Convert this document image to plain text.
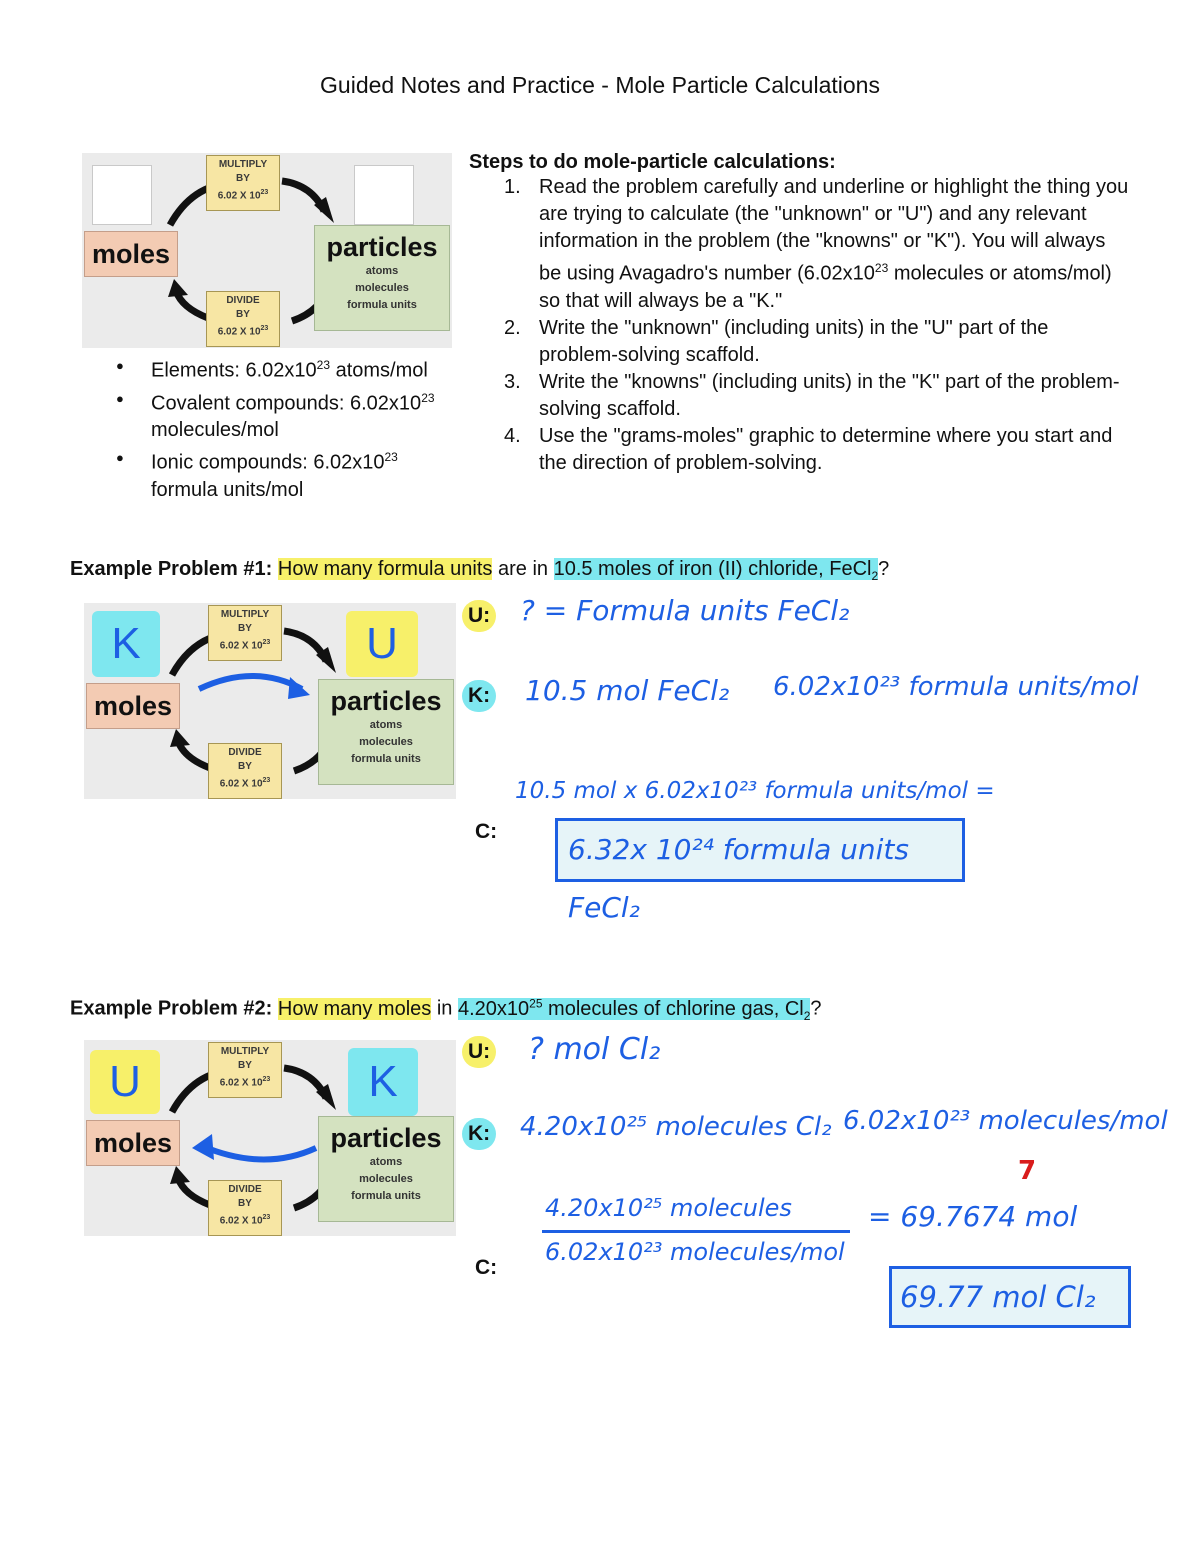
Guided Notes and Practice - Mole Particle Calculations
MULTIPLY
BY
6.02 X $10^{23}$
DIVIDE
BY
6.02 X $10^{23}$
moles	particles
atoms
molecules
formula units
● Elements: $6.02x10^{23}$ atoms/mol
● Covalent compounds: $6.02x10^{23}$ molecules/mol
● Ionic compounds: $6.02x10^{23}$ formula units/mol
Steps to do mole-particle calculations:
1. Read the problem carefully and underline or highlight the thing you are trying to calculate (the "unknown" or "U") and any relevant information in the problem (the "knowns" or "K"). You will always be using Avagadro's number ($6.02x10^{23}$ molecules or atoms/mol) so that will always be a "K."
2. Write the "unknown" (including units) in the "U" part of the problem-solving scaffold.
3. Write the "knowns" (including units) in the "K" part of the problem-solving scaffold.
4. Use the "grams-moles" graphic to determine where you start and the direction of problem-solving.
Example Problem #1: How many formula units are in 10.5 moles of iron (II) chloride, FeCl$_2$?
K	U
MULTIPLY
BY
6.02 X $10^{23}$
DIVIDE
BY
6.02 X $10^{23}$
moles	particles
atoms
molecules
formula units
U: ? = Formula units FeCl₂
K: 10.5 mol FeCl₂ 6.02x10²³ formula units/mol
C:
10.5 mol x 6.02x10²³ formula units/mol =
6.32x 10²⁴ formula units FeCl₂
Example Problem #2: How many moles in $4.20x10^{25}$ molecules of chlorine gas, $Cl_2$?
U	K
MULTIPLY
BY
6.02 X $10^{23}$
DIVIDE
BY
6.02 X $10^{23}$
moles	particles
atoms
molecules
formula units
U: ? mol Cl₂
K: 4.20x10²⁵ molecules Cl₂ 6.02x10²³ molecules/mol
C:
4.20x10²⁵ molecules
6.02x10²³ molecules/mol
7
= 69.7674 mol
69.77 mol Cl₂
